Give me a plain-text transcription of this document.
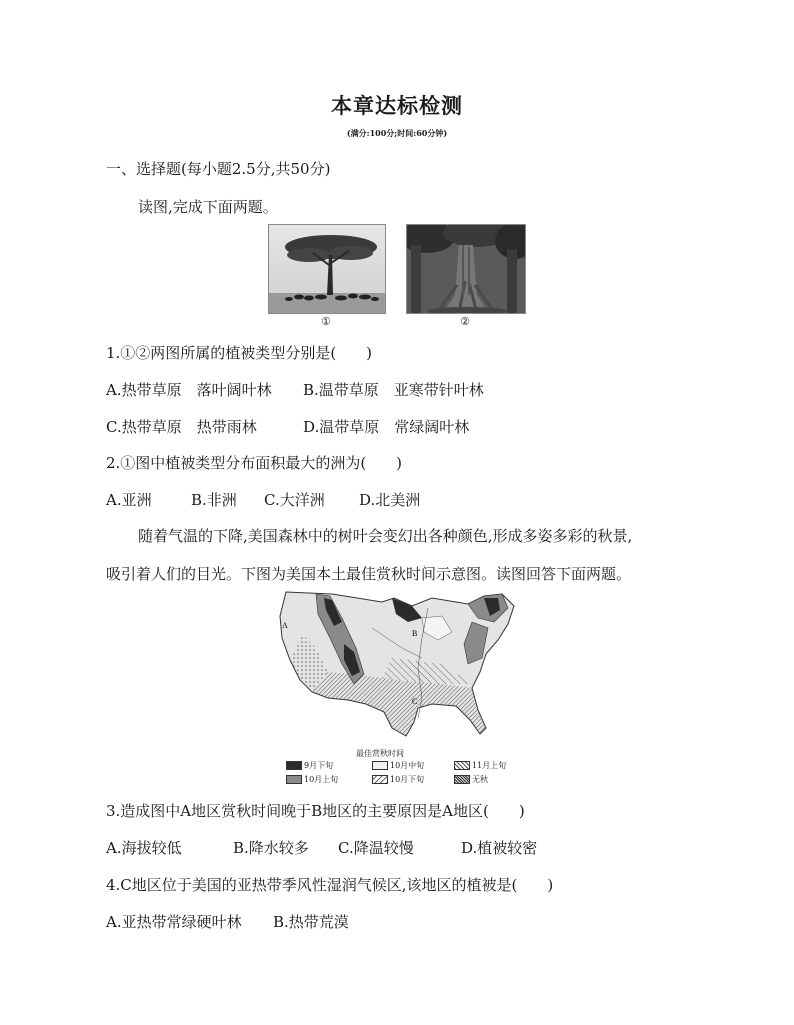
本章达标检测
(满分:100分;时间:60分钟)
一、选择题(每小题2.5分,共50分)
读图,完成下面两题。
①	②
1.①②两图所属的植被类型分别是(　　)
A.热带草原　落叶阔叶林 B.温带草原　亚寒带针叶林
C.热带草原　热带雨林	D.温带草原　常绿阔叶林
2.①图中植被类型分布面积最大的洲为(　　)
A.亚洲	B.非洲 C.大洋洲 D.北美洲
随着气温的下降,美国森林中的树叶会变幻出各种颜色,形成多姿多彩的秋景,
吸引着人们的目光。下图为美国本土最佳赏秋时间示意图。读图回答下面两题。
A
B
C
最佳赏秋时间
9月下旬	10月中旬	11月上旬
10月上旬	10月下旬	无秋
3.造成图中A地区赏秋时间晚于B地区的主要原因是A地区(　　)
A.海拔较低	B.降水较多 C.降温较慢	D.植被较密
4.C地区位于美国的亚热带季风性湿润气候区,该地区的植被是(　　)
A.亚热带常绿硬叶林 B.热带荒漠
